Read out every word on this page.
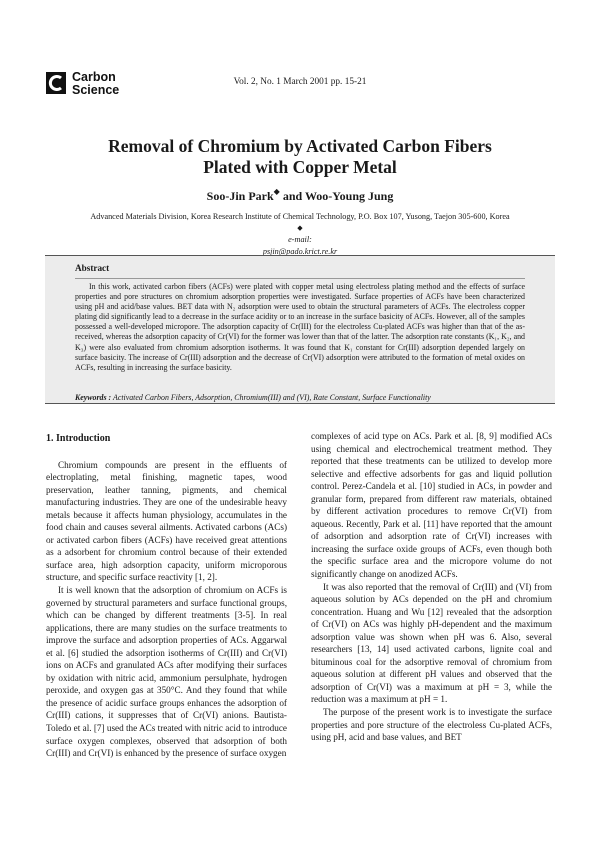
Carbon
Science
Vol. 2, No. 1 March 2001 pp. 15-21
Removal of Chromium by Activated Carbon Fibers
Plated with Copper Metal
Soo-Jin Park◆ and Woo-Young Jung
Advanced Materials Division, Korea Research Institute of Chemical Technology, P.O. Box 107, Yusong, Taejon 305-600, Korea
◆
e-mail:
psjin@pado.krict.re.kr
Abstract
In this work, activated carbon fibers (ACFs) were plated with copper metal using electroless plating method and the effects of surface properties and pore structures on chromium adsorption properties were investigated. Surface properties of ACFs have been characterized using pH and acid/base values. BET data with N₂ adsorption were used to obtain the structural parameters of ACFs. The electroless copper plating did significantly lead to a decrease in the surface acidity or to an increase in the surface basicity of ACFs. However, all of the samples possessed a well-developed micropore. The adsorption capacity of Cr(III) for the electroless Cu-plated ACFs was higher than that of the as-received, whereas the adsorption capacity of Cr(VI) for the former was lower than that of the latter. The adsorption rate constants (K₁, K₂, and K₃) were also evaluated from chromium adsorption isotherms. It was found that K₁ constant for Cr(III) adsorption depended largely on surface basicity. The increase of Cr(III) adsorption and the decrease of Cr(VI) adsorption were attributed to the formation of metal oxides on ACFs, resulting in increasing the surface basicity.
Keywords : Activated Carbon Fibers, Adsorption, Chromium(III) and (VI), Rate Constant, Surface Functionality
1. Introduction

Chromium compounds are present in the effluents of electroplating, metal finishing, magnetic tapes, wood preservation, leather tanning, pigments, and chemical manufacturing industries. They are one of the undesirable heavy metals because it affects human physiology, accumulates in the food chain and causes several ailments. Activated carbons (ACs) or activated carbon fibers (ACFs) have received great attentions as a adsorbent for chromium control because of their extended surface area, high adsorption capacity, uniform microporous structure, and specific surface reactivity [1, 2].

It is well known that the adsorption of chromium on ACFs is governed by structural parameters and surface functional groups, which can be changed by different treatments [3-5]. In real applications, there are many studies on the surface treatments to improve the surface and adsorption properties of ACs. Aggarwal et al. [6] studied the adsorption isotherms of Cr(III) and Cr(VI) ions on ACFs and granulated ACs after modifying their surfaces by oxidation with nitric acid, ammonium persulphate, hydrogen peroxide, and oxygen gas at 350°C. And they found that while the presence of acidic surface groups enhances the adsorption of Cr(III) cations, it suppresses that of Cr(VI) anions. Bautista-Toledo et al. [7] used the ACs treated with nitric acid to introduce surface oxygen complexes, observed that adsorption of both Cr(III) and Cr(VI) is enhanced by the presence of surface oxygen

complexes of acid type on ACs. Park et al. [8, 9] modified ACs using chemical and electrochemical treatment method. They reported that these treatments can be utilized to develop more selective and effective adsorbents for gas and liquid pollution control. Perez-Candela et al. [10] studied in ACs, in powder and granular form, prepared from different raw materials, obtained by different activation procedures to remove Cr(VI) from aqueous. Recently, Park et al. [11] have reported that the amount of adsorption and adsorption rate of Cr(VI) increases with increasing the surface oxide groups of ACFs, even though both the specific surface area and the micropore volume do not significantly change on anodized ACFs.

It was also reported that the removal of Cr(III) and (VI) from aqueous solution by ACs depended on the pH and chromium concentration. Huang and Wu [12] revealed that the adsorption of Cr(VI) on ACs was highly pH-dependent and the maximum adsorption value was shown when pH was 6. Also, several researchers [13, 14] used activated carbons, lignite coal and bituminous coal for the adsorptive removal of chromium from aqueous solution at different pH values and observed that the adsorption of Cr(VI) was a maximum at pH = 3, while the reduction was a maximum at pH = 1.

The purpose of the present work is to investigate the surface properties and pore structure of the electroless Cu-plated ACFs, using pH, acid and base values, and BET
